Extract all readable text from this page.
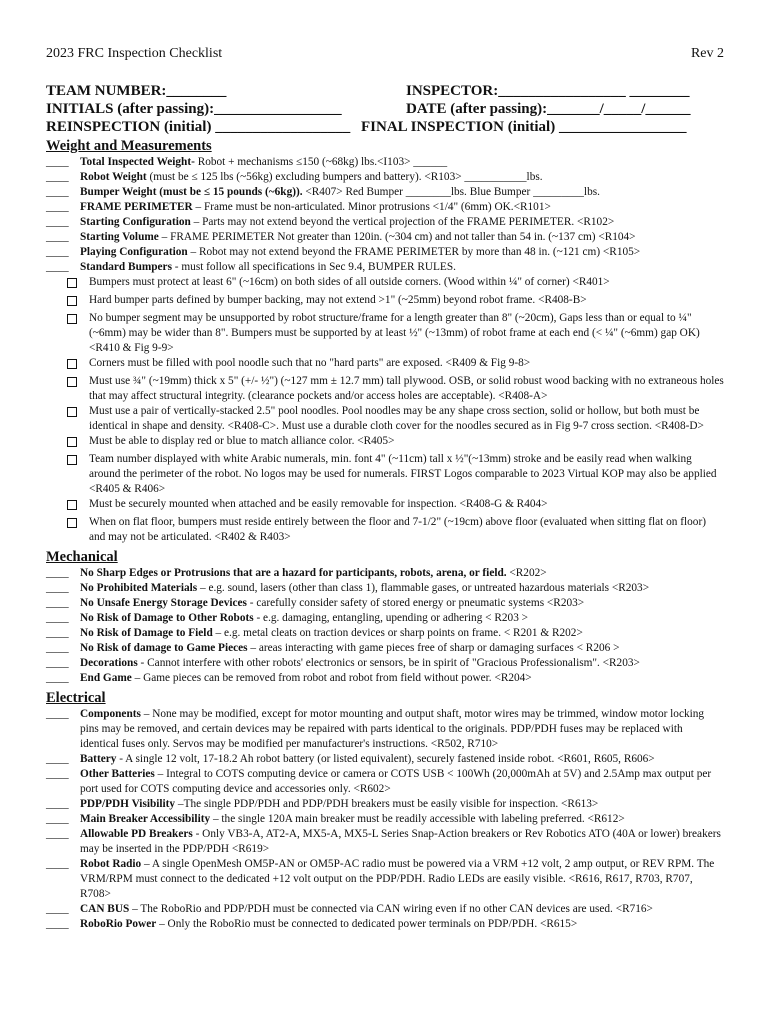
2023 FRC Inspection Checklist	Rev 2
TEAM NUMBER:________	INSPECTOR:_________________ ________
INITIALS (after passing):_________________	DATE (after passing):_______/_____/______
REINSPECTION (initial) __________________ FINAL INSPECTION (initial) _________________
Weight and Measurements
____	Total Inspected Weight- Robot + mechanisms ≤150 (~68kg) lbs.<I103> ______
____	Robot Weight (must be ≤ 125 lbs (~56kg) excluding bumpers and battery). <R103> ___________lbs.
____	Bumper Weight (must be ≤ 15 pounds (~6kg)). <R407> Red Bumper ________lbs. Blue Bumper _________lbs.
____	FRAME PERIMETER – Frame must be non-articulated. Minor protrusions <1/4" (6mm) OK.<R101>
____	Starting Configuration – Parts may not extend beyond the vertical projection of the FRAME PERIMETER. <R102>
____	Starting Volume – FRAME PERIMETER Not greater than 120in. (~304 cm) and not taller than 54 in. (~137 cm) <R104>
____	Playing Configuration – Robot may not extend beyond the FRAME PERIMETER by more than 48 in. (~121 cm) <R105>
____	Standard Bumpers - must follow all specifications in Sec 9.4, BUMPER RULES.
Bumpers must protect at least 6" (~16cm) on both sides of all outside corners. (Wood within ¼" of corner) <R401>
Hard bumper parts defined by bumper backing, may not extend >1" (~25mm) beyond robot frame. <R408-B>
No bumper segment may be unsupported by robot structure/frame for a length greater than 8" (~20cm), Gaps less than or equal to ¼" (~6mm) may be wider than 8". Bumpers must be supported by at least ½" (~13mm) of robot frame at each end (< ¼" (~6mm) gap OK) <R410 & Fig 9-9>
Corners must be filled with pool noodle such that no "hard parts" are exposed. <R409 & Fig 9-8>
Must use ¾" (~19mm) thick x 5" (+/- ½") (~127 mm ± 12.7 mm) tall plywood. OSB, or solid robust wood backing with no extraneous holes that may affect structural integrity. (clearance pockets and/or access holes are acceptable). <R408-A>
Must use a pair of vertically-stacked 2.5" pool noodles. Pool noodles may be any shape cross section, solid or hollow, but both must be identical in shape and density. <R408-C>. Must use a durable cloth cover for the noodles secured as in Fig 9-7 cross section. <R408-D>
Must be able to display red or blue to match alliance color. <R405>
Team number displayed with white Arabic numerals, min. font 4" (~11cm) tall x ½"(~13mm) stroke and be easily read when walking around the perimeter of the robot. No logos may be used for numerals. FIRST Logos comparable to 2023 Virtual KOP may also be applied <R405 & R406>
Must be securely mounted when attached and be easily removable for inspection. <R408-G & R404>
When on flat floor, bumpers must reside entirely between the floor and 7-1/2" (~19cm) above floor (evaluated when sitting flat on floor) and may not be articulated. <R402 & R403>
Mechanical
____	No Sharp Edges or Protrusions that are a hazard for participants, robots, arena, or field. <R202>
____	No Prohibited Materials – e.g. sound, lasers (other than class 1), flammable gases, or untreated hazardous materials <R203>
____	No Unsafe Energy Storage Devices - carefully consider safety of stored energy or pneumatic systems <R203>
____	No Risk of Damage to Other Robots - e.g. damaging, entangling, upending or adhering < R203 >
____	No Risk of Damage to Field – e.g. metal cleats on traction devices or sharp points on frame. < R201 & R202>
____	No Risk of damage to Game Pieces – areas interacting with game pieces free of sharp or damaging surfaces < R206 >
____	Decorations - Cannot interfere with other robots' electronics or sensors, be in spirit of "Gracious Professionalism". <R203>
____	End Game – Game pieces can be removed from robot and robot from field without power. <R204>
Electrical
____	Components – None may be modified, except for motor mounting and output shaft, motor wires may be trimmed, window motor locking pins may be removed, and certain devices may be repaired with parts identical to the originals. PDP/PDH fuses may be replaced with identical fuses only. Servos may be modified per manufacturer's instructions. <R502, R710>
____	Battery - A single 12 volt, 17-18.2 Ah robot battery (or listed equivalent), securely fastened inside robot. <R601, R605, R606>
____	Other Batteries – Integral to COTS computing device or camera or COTS USB < 100Wh (20,000mAh at 5V) and 2.5Amp max output per port used for COTS computing device and accessories only. <R602>
____	PDP/PDH Visibility –The single PDP/PDH and PDP/PDH breakers must be easily visible for inspection. <R613>
____	Main Breaker Accessibility – the single 120A main breaker must be readily accessible with labeling preferred. <R612>
____	Allowable PD Breakers - Only VB3-A, AT2-A, MX5-A, MX5-L Series Snap-Action breakers or Rev Robotics ATO (40A or lower) breakers may be inserted in the PDP/PDH <R619>
____	Robot Radio – A single OpenMesh OM5P-AN or OM5P-AC radio must be powered via a VRM +12 volt, 2 amp output, or REV RPM. The VRM/RPM must connect to the dedicated +12 volt output on the PDP/PDH. Radio LEDs are easily visible. <R616, R617, R703, R707, R708>
____	CAN BUS – The RoboRio and PDP/PDH must be connected via CAN wiring even if no other CAN devices are used. <R716>
____	RoboRio Power – Only the RoboRio must be connected to dedicated power terminals on PDP/PDH. <R615>
